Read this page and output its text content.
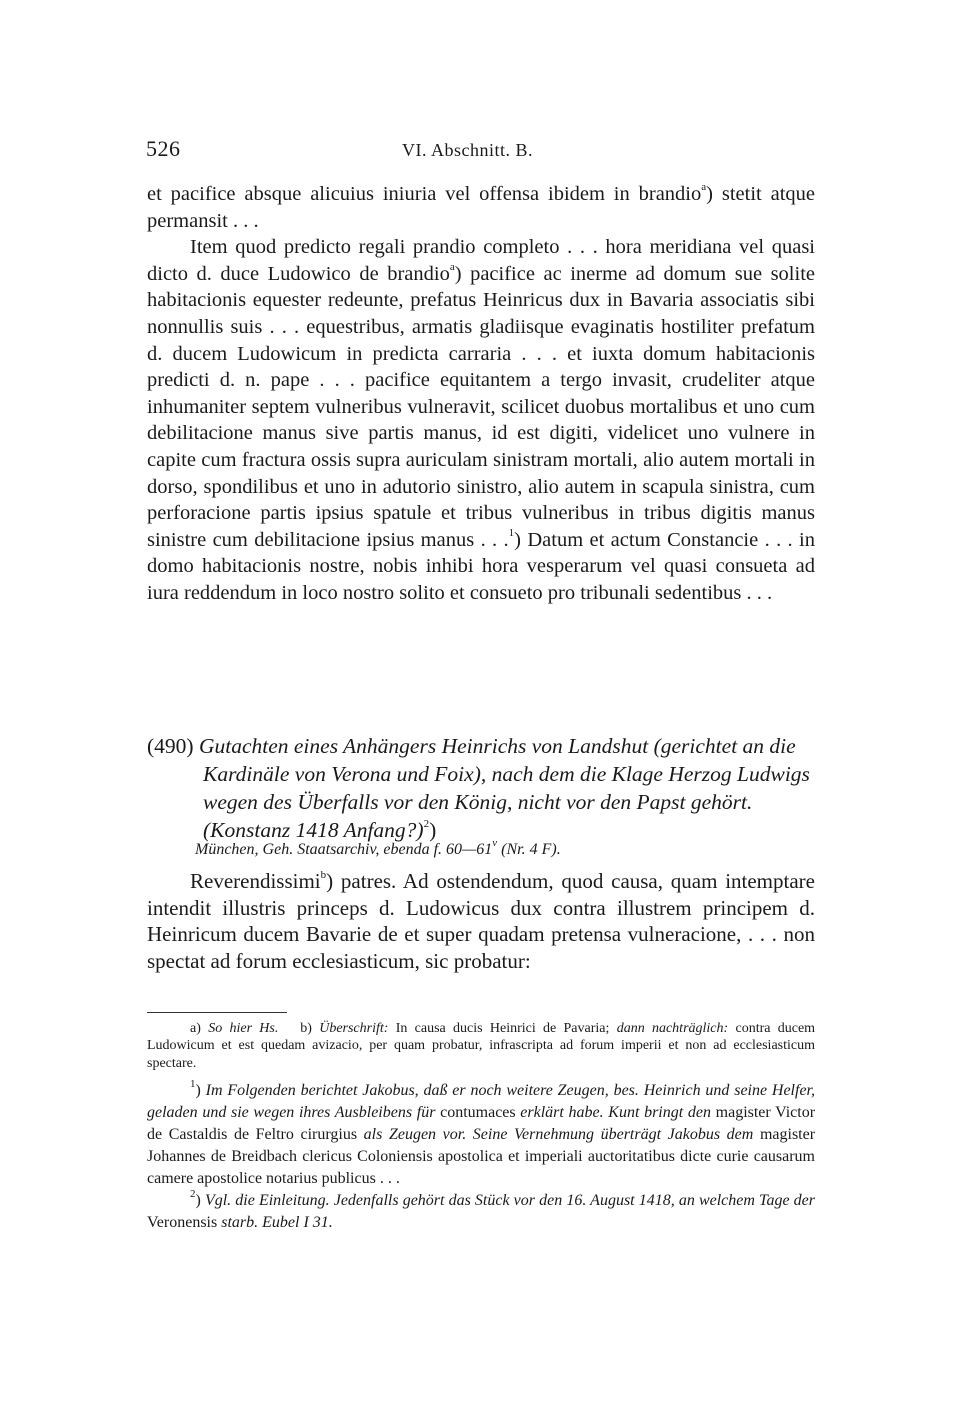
526	VI. Abschnitt. B.

et pacifice absque alicuius iniuria vel offensa ibidem in brandio$^a$) stetit atque permansit . . .

Item quod predicto regali prandio completo . . . hora meridiana vel quasi dicto d. duce Ludowico de brandio$^a$) pacifice ac inerme ad domum sue solite habitacionis equester redeunte, prefatus Heinricus dux in Bavaria associatis sibi nonnullis suis . . . equestribus, armatis gladiisque evaginatis hostiliter prefatum d. ducem Ludowicum in predicta carraria . . . et iuxta domum habitacionis predicti d. n. pape . . . pacifice equitantem a tergo invasit, crudeliter atque inhumaniter septem vulneribus vulneravit, scilicet duobus mortalibus et uno cum debilitacione manus sive partis manus, id est digiti, videlicet uno vulnere in capite cum fractura ossis supra auriculam sinistram mortali, alio autem mortali in dorso, spondilibus et uno in adutorio sinistro, alio autem in scapula sinistra, cum perforacione partis ipsius spatule et tribus vulneribus in tribus digitis manus sinistre cum debilitacione ipsius manus . . .$^1$) Datum et actum Constancie . . . in domo habitacionis nostre, nobis inhibi hora vesperarum vel quasi consueta ad iura reddendum in loco nostro solito et consueto pro tribunali sedentibus . . .

(490) Gutachten eines Anhängers Heinrichs von Landshut (gerichtet an die Kardinäle von Verona und Foix), nach dem die Klage Herzog Ludwigs wegen des Überfalls vor den König, nicht vor den Papst gehört. (Konstanz 1418 Anfang?)$^2$)

München, Geh. Staatsarchiv, ebenda f. 60—61$^v$ (Nr. 4 F).

Reverendissimi$^b$) patres. Ad ostendendum, quod causa, quam intemptare intendit illustris princeps d. Ludowicus dux contra illustrem principem d. Heinricum ducem Bavarie de et super quadam pretensa vulneracione, . . . non spectat ad forum ecclesiasticum, sic probatur:

a) So hier Hs. b) Überschrift: In causa ducis Heinrici de Pavaria; dann nachträglich: contra ducem Ludowicum et est quedam avizacio, per quam probatur, infrascripta ad forum imperii et non ad ecclesiasticum spectare.

$^1$) Im Folgenden berichtet Jakobus, daß er noch weitere Zeugen, bes. Heinrich und seine Helfer, geladen und sie wegen ihres Ausbleibens für contumaces erklärt habe. Kunt bringt den magister Victor de Castaldis de Feltro cirurgius als Zeugen vor. Seine Vernehmung überträgt Jakobus dem magister Johannes de Breidbach clericus Coloniensis apostolica et imperiali auctoritatibus dicte curie causarum camere apostolice notarius publicus . . .

$^2$) Vgl. die Einleitung. Jedenfalls gehört das Stück vor den 16. August 1418, an welchem Tage der Veronensis starb. Eubel I 31.
